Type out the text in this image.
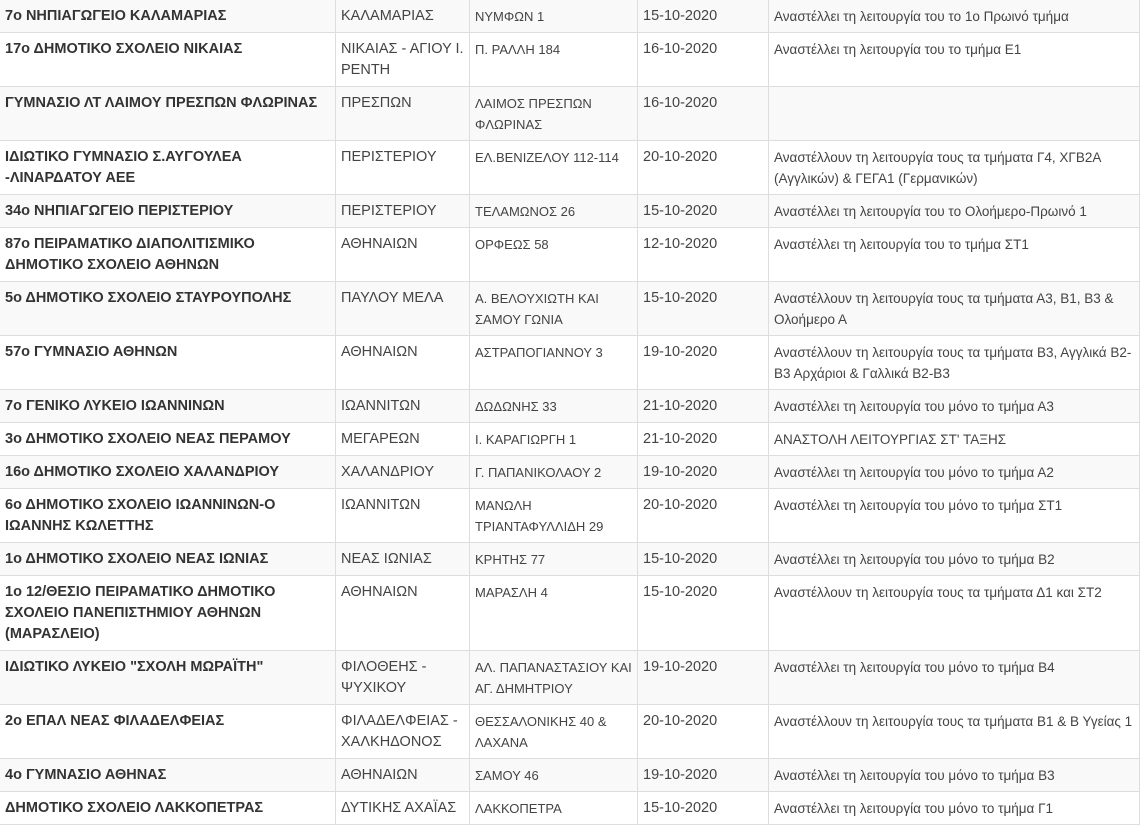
7ο ΝΗΠΙΑΓΩΓΕΙΟ ΚΑΛΑΜΑΡΙΑΣ	ΚΑΛΑΜΑΡΙΑΣ	ΝΥΜΦΩΝ 1	15-10-2020	Αναστέλλει τη λειτουργία του το 1ο Πρωινό τμήμα
17ο ΔΗΜΟΤΙΚΟ ΣΧΟΛΕΙΟ ΝΙΚΑΙΑΣ	ΝΙΚΑΙΑΣ - ΑΓΙΟΥ Ι. ΡΕΝΤΗ	Π. ΡΑΛΛΗ 184	16-10-2020	Αναστέλλει τη λειτουργία του το τμήμα Ε1
ΓΥΜΝΑΣΙΟ ΛΤ ΛΑΙΜΟΥ ΠΡΕΣΠΩΝ ΦΛΩΡΙΝΑΣ	ΠΡΕΣΠΩΝ	ΛΑΙΜΟΣ ΠΡΕΣΠΩΝ ΦΛΩΡΙΝΑΣ	16-10-2020	
ΙΔΙΩΤΙΚΟ ΓΥΜΝΑΣΙΟ Σ.ΑΥΓΟΥΛΕΑ -ΛΙΝΑΡΔΑΤΟΥ ΑΕΕ	ΠΕΡΙΣΤΕΡΙΟΥ	ΕΛ.ΒΕΝΙΖΕΛΟΥ 112-114	20-10-2020	Αναστέλλουν τη λειτουργία τους τα τμήματα Γ4, ΧΓΒ2Α (Αγγλικών) & ΓΕΓΑ1 (Γερμανικών)
34ο ΝΗΠΙΑΓΩΓΕΙΟ ΠΕΡΙΣΤΕΡΙΟΥ	ΠΕΡΙΣΤΕΡΙΟΥ	ΤΕΛΑΜΩΝΟΣ 26	15-10-2020	Αναστέλλει τη λειτουργία του το Ολοήμερο-Πρωινό 1
87ο ΠΕΙΡΑΜΑΤΙΚΟ ΔΙΑΠΟΛΙΤΙΣΜΙΚΟ ΔΗΜΟΤΙΚΟ ΣΧΟΛΕΙΟ ΑΘΗΝΩΝ	ΑΘΗΝΑΙΩΝ	ΟΡΦΕΩΣ 58	12-10-2020	Αναστέλλει τη λειτουργία του το τμήμα ΣΤ1
5ο ΔΗΜΟΤΙΚΟ ΣΧΟΛΕΙΟ ΣΤΑΥΡΟΥΠΟΛΗΣ	ΠΑΥΛΟΥ ΜΕΛΑ	Α. ΒΕΛΟΥΧΙΩΤΗ ΚΑΙ ΣΑΜΟΥ ΓΩΝΙΑ	15-10-2020	Αναστέλλουν τη λειτουργία τους τα τμήματα Α3, Β1, Β3 & Ολοήμερο Α
57ο ΓΥΜΝΑΣΙΟ ΑΘΗΝΩΝ	ΑΘΗΝΑΙΩΝ	ΑΣΤΡΑΠΟΓΙΑΝΝΟΥ 3	19-10-2020	Αναστέλλουν τη λειτουργία τους τα τμήματα Β3, Αγγλικά Β2-Β3 Αρχάριοι & Γαλλικά Β2-Β3
7ο ΓΕΝΙΚΟ ΛΥΚΕΙΟ ΙΩΑΝΝΙΝΩΝ	ΙΩΑΝΝΙΤΩΝ	ΔΩΔΩΝΗΣ 33	21-10-2020	Αναστέλλει τη λειτουργία του μόνο το τμήμα Α3
3ο ΔΗΜΟΤΙΚΟ ΣΧΟΛΕΙΟ ΝΕΑΣ ΠΕΡΑΜΟΥ	ΜΕΓΑΡΕΩΝ	Ι. ΚΑΡΑΓΙΩΡΓΗ 1	21-10-2020	ΑΝΑΣΤΟΛΗ ΛΕΙΤΟΥΡΓΙΑΣ ΣΤ' ΤΑΞΗΣ
16ο ΔΗΜΟΤΙΚΟ ΣΧΟΛΕΙΟ ΧΑΛΑΝΔΡΙΟΥ	ΧΑΛΑΝΔΡΙΟΥ	Γ. ΠΑΠΑΝΙΚΟΛΑΟΥ 2	19-10-2020	Αναστέλλει τη λειτουργία του μόνο το τμήμα Α2
6ο ΔΗΜΟΤΙΚΟ ΣΧΟΛΕΙΟ ΙΩΑΝΝΙΝΩΝ-Ο ΙΩΑΝΝΗΣ ΚΩΛΕΤΤΗΣ	ΙΩΑΝΝΙΤΩΝ	ΜΑΝΩΛΗ ΤΡΙΑΝΤΑΦΥΛΛΙΔΗ 29	20-10-2020	Αναστέλλει τη λειτουργία του μόνο το τμήμα ΣΤ1
1ο ΔΗΜΟΤΙΚΟ ΣΧΟΛΕΙΟ ΝΕΑΣ ΙΩΝΙΑΣ	ΝΕΑΣ ΙΩΝΙΑΣ	ΚΡΗΤΗΣ 77	15-10-2020	Αναστέλλει τη λειτουργία του μόνο το τμήμα Β2
1ο 12/ΘΕΣΙΟ ΠΕΙΡΑΜΑΤΙΚΟ ΔΗΜΟΤΙΚΟ ΣΧΟΛΕΙΟ ΠΑΝΕΠΙΣΤΗΜΙΟΥ ΑΘΗΝΩΝ (ΜΑΡΑΣΛΕΙΟ)	ΑΘΗΝΑΙΩΝ	ΜΑΡΑΣΛΗ 4	15-10-2020	Αναστέλλουν τη λειτουργία τους τα τμήματα Δ1 και ΣΤ2
ΙΔΙΩΤΙΚΟ ΛΥΚΕΙΟ "ΣΧΟΛΗ ΜΩΡΑΪΤΗ"	ΦΙΛΟΘΕΗΣ - ΨΥΧΙΚΟΥ	ΑΛ. ΠΑΠΑΝΑΣΤΑΣΙΟΥ ΚΑΙ ΑΓ. ΔΗΜΗΤΡΙΟΥ	19-10-2020	Αναστέλλει τη λειτουργία του μόνο το τμήμα Β4
2ο ΕΠΑΛ ΝΕΑΣ ΦΙΛΑΔΕΛΦΕΙΑΣ	ΦΙΛΑΔΕΛΦΕΙΑΣ - ΧΑΛΚΗΔΟΝΟΣ	ΘΕΣΣΑΛΟΝΙΚΗΣ 40 & ΛΑΧΑΝΑ	20-10-2020	Αναστέλλουν τη λειτουργία τους τα τμήματα Β1 & Β Υγείας 1
4ο ΓΥΜΝΑΣΙΟ ΑΘΗΝΑΣ	ΑΘΗΝΑΙΩΝ	ΣΑΜΟΥ 46	19-10-2020	Αναστέλλει τη λειτουργία του μόνο το τμήμα Β3
ΔΗΜΟΤΙΚΟ ΣΧΟΛΕΙΟ ΛΑΚΚΟΠΕΤΡΑΣ	ΔΥΤΙΚΗΣ ΑΧΑΪΑΣ	ΛΑΚΚΟΠΕΤΡΑ	15-10-2020	Αναστέλλει τη λειτουργία του μόνο το τμήμα Γ1
